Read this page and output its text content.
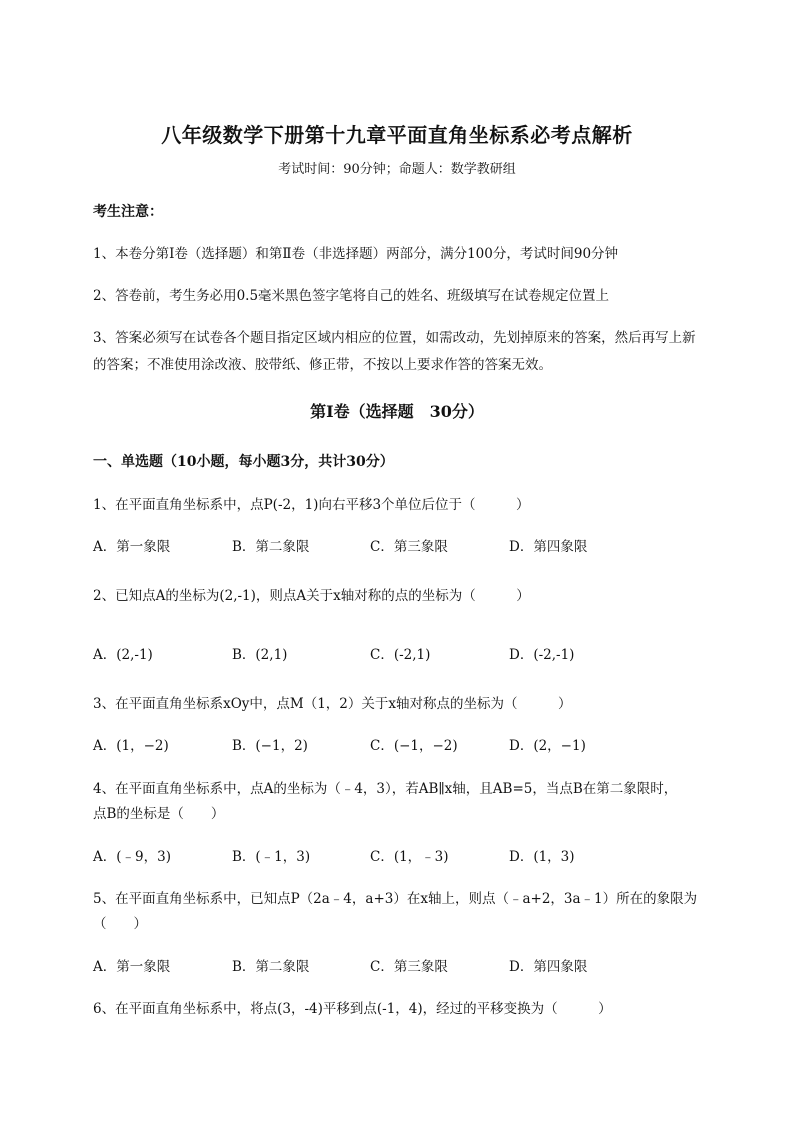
八年级数学下册第十九章平面直角坐标系必考点解析
考试时间：90分钟；命题人：数学教研组
考生注意：
1、本卷分第Ⅰ卷（选择题）和第Ⅱ卷（非选择题）两部分，满分100分，考试时间90分钟
2、答卷前，考生务必用0.5毫米黑色签字笔将自己的姓名、班级填写在试卷规定位置上
3、答案必须写在试卷各个题目指定区域内相应的位置，如需改动，先划掉原来的答案，然后再写上新
的答案；不准使用涂改液、胶带纸、修正带，不按以上要求作答的答案无效。
第Ⅰ卷（选择题　30分）
一、单选题（10小题，每小题3分，共计30分）
1、在平面直角坐标系中，点P(-2，1)向右平移3个单位后位于（　　　）
A．第一象限	B．第二象限	C．第三象限	D．第四象限
2、已知点A的坐标为(2,-1)，则点A关于x轴对称的点的坐标为（　　　）
A．(2,-1)	B．(2,1)	C．(-2,1)	D．(-2,-1)
3、在平面直角坐标系xOy中，点M（1，2）关于x轴对称点的坐标为（　　　）
A．(1，−2)	B．(−1，2)	C．(−1，−2)	D．(2，−1)
4、在平面直角坐标系中，点A的坐标为（﹣4，3），若AB∥x轴，且AB=5，当点B在第二象限时，
点B的坐标是（　　）
A．(﹣9，3)	B．(﹣1，3)	C．(1，﹣3)	D．(1，3)
5、在平面直角坐标系中，已知点P（2a﹣4，a+3）在x轴上，则点（﹣a+2，3a﹣1）所在的象限为
（　　）
A．第一象限	B．第二象限	C．第三象限	D．第四象限
6、在平面直角坐标系中，将点(3，-4)平移到点(-1，4)，经过的平移变换为（　　　）
